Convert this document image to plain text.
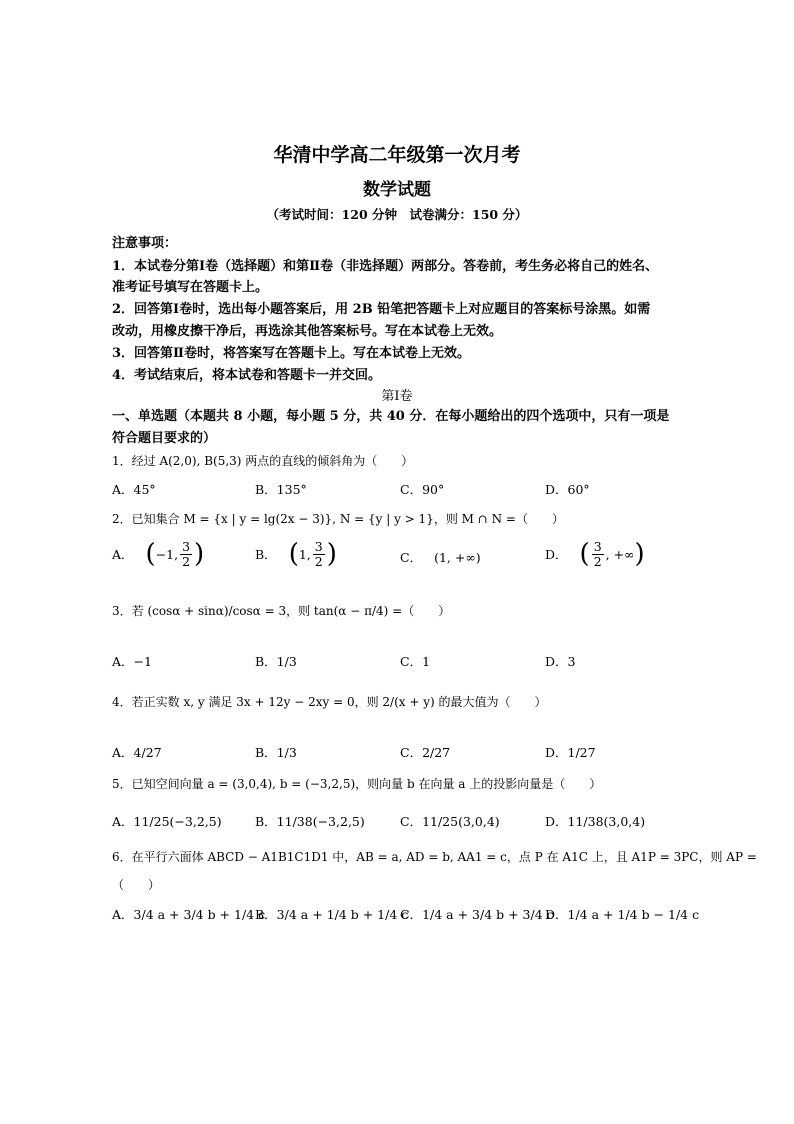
华清中学高二年级第一次月考
数学试题
（考试时间：120 分钟　试卷满分：150 分）
注意事项：
1．本试卷分第Ⅰ卷（选择题）和第Ⅱ卷（非选择题）两部分。答卷前，考生务必将自己的姓名、
准考证号填写在答题卡上。
2．回答第Ⅰ卷时，选出每小题答案后，用 2B 铅笔把答题卡上对应题目的答案标号涂黑。如需
改动，用橡皮擦干净后，再选涂其他答案标号。写在本试卷上无效。
3．回答第Ⅱ卷时，将答案写在答题卡上。写在本试卷上无效。
4．考试结束后，将本试卷和答题卡一并交回。
第Ⅰ卷
一、单选题（本题共 8 小题，每小题 5 分，共 40 分．在每小题给出的四个选项中，只有一项是
符合题目要求的）
1．经过 A(2,0), B(5,3) 两点的直线的倾斜角为（　　）
A．45°	B．135°	C．90°	D．60°
2．已知集合 M = {x | y = lg(2x − 3)}, N = {y | y > 1}，则 M ∩ N =（　　）
A． ( −1, $\frac{3}{2}$ )	B． ( 1, $\frac{3}{2}$ )	C． (1, +∞)	D． ( $\frac{3}{2}$ , +∞ )
3．若 (cosα + sinα)/cosα = 3，则 tan(α − π/4) =（　　）
A．−1	B．1/3	C．1	D．3
4．若正实数 x, y 满足 3x + 12y − 2xy = 0，则 2/(x + y) 的最大值为（　　）
A．4/27	B．1/3	C．2/27	D．1/27
5．已知空间向量 a = (3,0,4), b = (−3,2,5)，则向量 b 在向量 a 上的投影向量是（　　）
A．11/25(−3,2,5)	B．11/38(−3,2,5)	C．11/25(3,0,4)	D．11/38(3,0,4)
6．在平行六面体 ABCD − A1B1C1D1 中，AB = a, AD = b, AA1 = c，点 P 在 A1C 上，且 A1P = 3PC，则 AP =
（　　）
A．3/4 a + 3/4 b + 1/4 c
B．3/4 a + 1/4 b + 1/4 c
C．1/4 a + 3/4 b + 3/4 c
D．1/4 a + 1/4 b − 1/4 c
